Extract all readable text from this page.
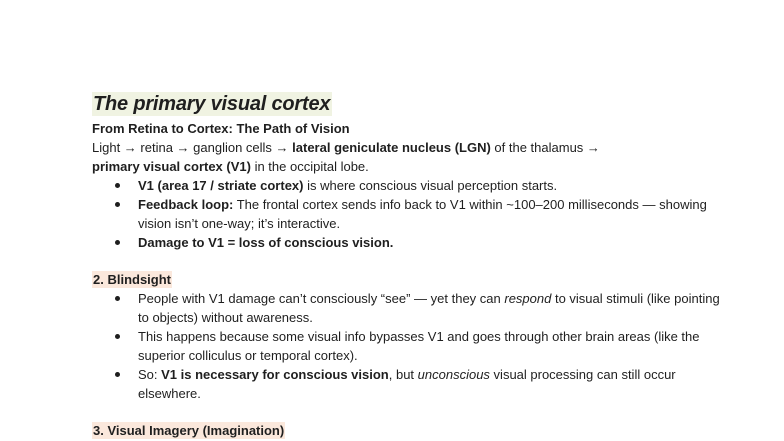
The primary visual cortex
From Retina to Cortex: The Path of Vision

Light → retina → ganglion cells → lateral geniculate nucleus (LGN) of the thalamus →
primary visual cortex (V1) in the occipital lobe.

V1 (area 17 / striate cortex) is where conscious visual perception starts.
Feedback loop: The frontal cortex sends info back to V1 within ~100–200 milliseconds — showing vision isn’t one-way; it’s interactive.
Damage to V1 = loss of conscious vision.
2. Blindsight
People with V1 damage can’t consciously “see” — yet they can respond to visual stimuli (like pointing to objects) without awareness.
This happens because some visual info bypasses V1 and goes through other brain areas (like the superior colliculus or temporal cortex).
So: V1 is necessary for conscious vision, but unconscious visual processing can still occur elsewhere.
3. Visual Imagery (Imagination)
